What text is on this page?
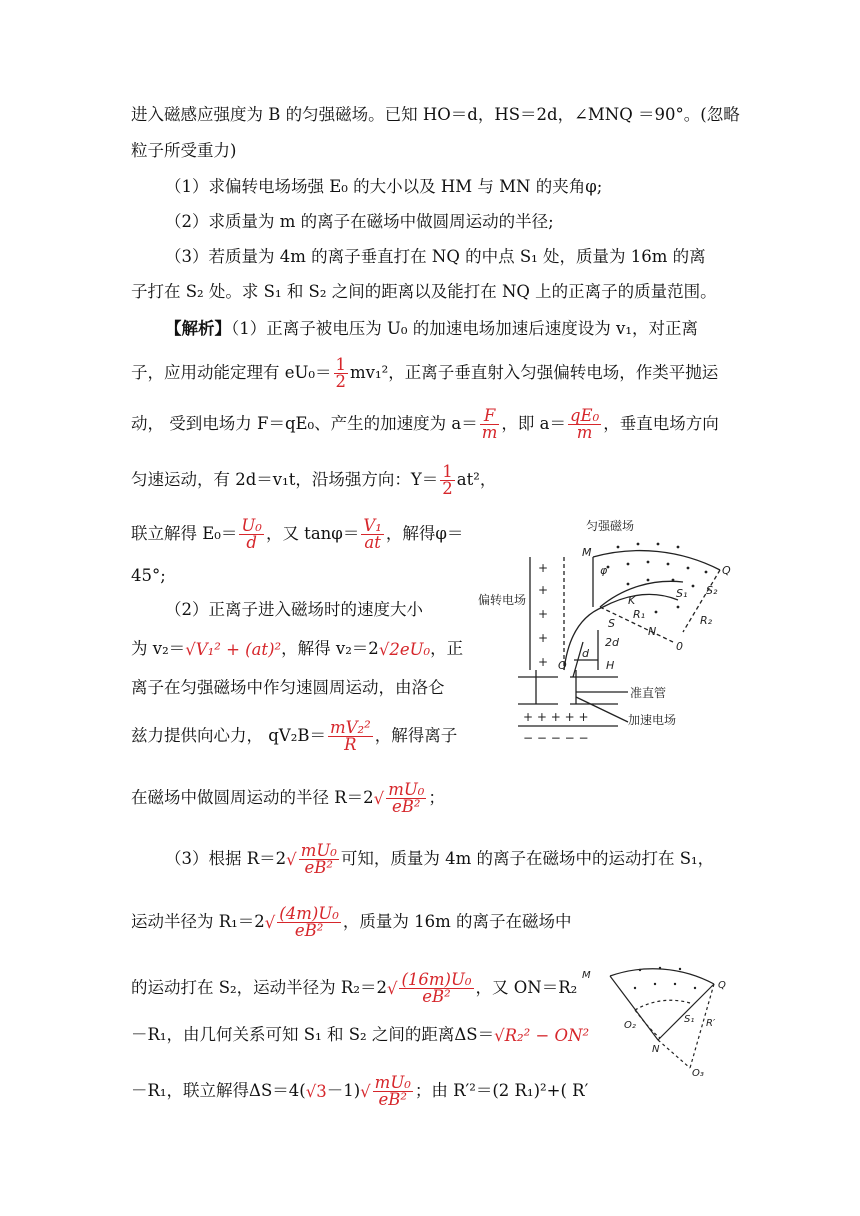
进入磁感应强度为 B 的匀强磁场。已知 HO＝d，HS＝2d，∠MNQ ＝90°。(忽略
粒子所受重力)
（1）求偏转电场场强 E₀ 的大小以及 HM 与 MN 的夹角φ;
（2）求质量为 m 的离子在磁场中做圆周运动的半径;
（3）若质量为 4m 的离子垂直打在 NQ 的中点 S₁ 处，质量为 16m 的离
子打在 S₂ 处。求 S₁ 和 S₂ 之间的距离以及能打在 NQ 上的正离子的质量范围。
【解析】（1）正离子被电压为 U₀ 的加速电场加速后速度设为 v₁，对正离
子，应用动能定理有 $eU_0= \frac{1}{2} mv_1^2$，正离子垂直射入匀强偏转电场，作类平抛运
动， 受到电场力 F＝qE₀、产生的加速度为 $a= \frac{F}{m}$ ，即 $a= \frac{\text{qE₀}}{m}$ ，垂直电场方向
匀速运动，有 2d＝v₁t，沿场强方向：$Y= \frac{1}{2} at^2$，
联立解得 $E_0= \frac{\text{U₀}}{d}$ ，又 $\tan\varphi= \frac{\text{V₁}}{at}$ ，解得φ＝
45°;
（2）正离子进入磁场时的速度大小
为 v₂＝√V₁² + (at)²，解得 v₂＝2√2eU₀，正
离子在匀强磁场中作匀速圆周运动，由洛仑
兹力提供向心力， $qV_2B= \frac{\text{mV₂²}}{R}$ ，解得离子
在磁场中做圆周运动的半径 $R=2√ \frac{\text{mU₀}}{\text{eB²}}$ ；
（3）根据 $R=2√ \frac{\text{mU₀}}{\text{eB²}}$ 可知，质量为 4m 的离子在磁场中的运动打在 S₁，
运动半径为 $R_1=2√ \frac{\text{(4m)U₀}}{\text{eB²}}$ ，质量为 16m 的离子在磁场中
的运动打在 S₂，运动半径为 $R_2=2√ \frac{\text{(16m)U₀}}{\text{eB²}}$ ，又 ON＝R₂
－R₁，由几何关系可知 S₁ 和 S₂ 之间的距离ΔS＝√R₂² − ON²
－R₁，联立解得$\Delta S=4(√3-1)√ \frac{\text{mU₀}}{\text{eB²}}$ ；由 R′²＝(2 R₁)²+( R′
匀强磁场
偏转电场
准直管
加速电场
+
+
+
+
+
+ + + + +
− − − − −
M
Q
K
R₁
N
S₁ S₂
R₂
0
φ
S
2d
d
H
O
M
Q
O₂
N
S₁ R′
O₃
